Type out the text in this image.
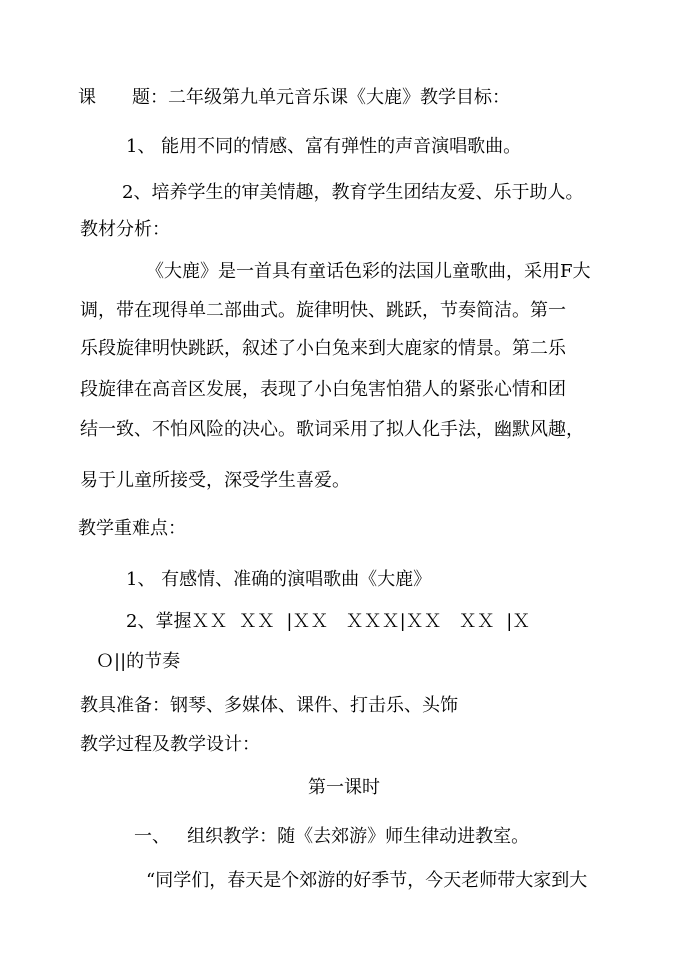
课 题：二年级第九单元音乐课《大鹿》教学目标：
1、 能用不同的情感、富有弹性的声音演唱歌曲。
2、培养学生的审美情趣，教育学生团结友爱、乐于助人。
教材分析：
《大鹿》是一首具有童话色彩的法国儿童歌曲，采用F大
调，带在现得单二部曲式。旋律明快、跳跃，节奏简洁。第一
乐段旋律明快跳跃，叙述了小白兔来到大鹿家的情景。第二乐
段旋律在高音区发展，表现了小白兔害怕猎人的紧张心情和团
结一致、不怕风险的决心。歌词采用了拟人化手法，幽默风趣，
易于儿童所接受，深受学生喜爱。
教学重难点：
1、 有感情、准确的演唱歌曲《大鹿》
2、掌握ＸＸ  ＸＸ  |ＸＸ   ＸＸＸ|ＸＸ   ＸＸ  |Ｘ
Ｏ||的节奏
教具准备：钢琴、多媒体、课件、打击乐、头饰
教学过程及教学设计：
第一课时
一、   组织教学：随《去郊游》师生律动进教室。
“同学们，春天是个郊游的好季节，今天老师带大家到大
